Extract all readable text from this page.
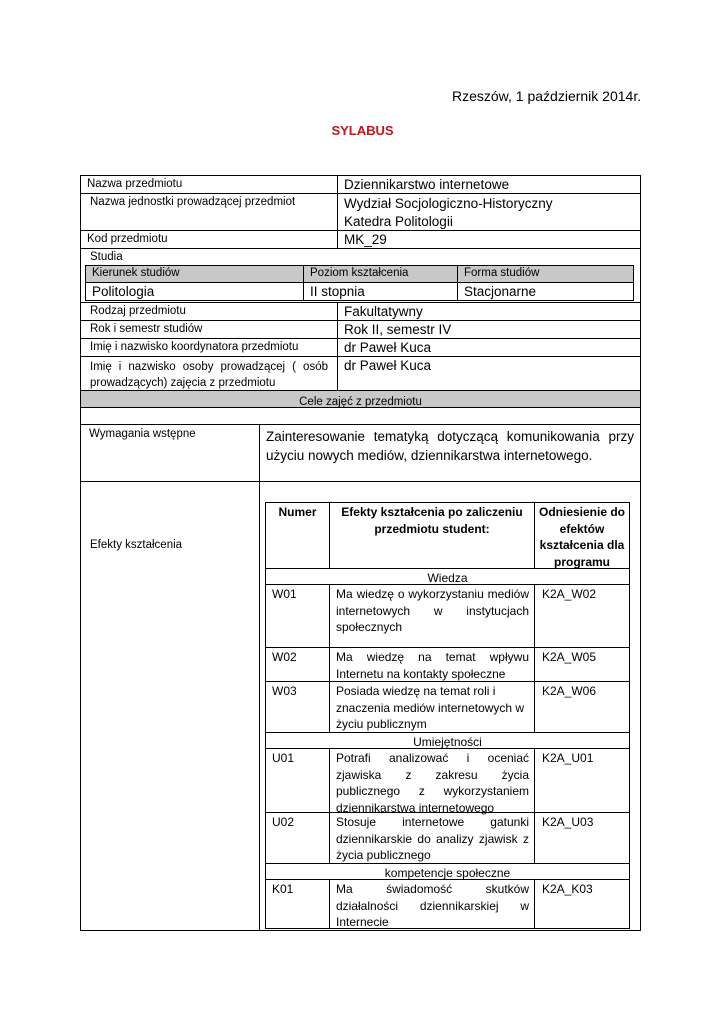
Rzeszów, 1 październik 2014r.
SYLABUS
Nazwa przedmiotu	Dziennikarstwo internetowe
Nazwa jednostki prowadzącej przedmiot	Wydział Socjologiczno-Historyczny
Katedra Politologii
Kod przedmiotu	MK_29
Studia
Kierunek studiów	Poziom kształcenia	Forma studiów
Politologia	II stopnia	Stacjonarne
Rodzaj przedmiotu	Fakultatywny
Rok i semestr studiów	Rok II, semestr IV
Imię i nazwisko koordynatora przedmiotu	dr Paweł Kuca
Imię i nazwisko osoby prowadzącej ( osób prowadzących) zajęcia z przedmiotu
dr Paweł Kuca
Cele zajęć z przedmiotu
Wymagania wstępne	Zainteresowanie tematyką dotyczącą komunikowania przy użyciu nowych mediów, dziennikarstwa internetowego.
Efekty kształcenia
Numer	Efekty kształcenia po zaliczeniu przedmiotu student:
Odniesienie do efektów kształcenia dla programu
Wiedza
W01	Ma wiedzę o wykorzystaniu mediów internetowych w instytucjach społecznych
K2A_W02
W02	Ma wiedzę na temat wpływu Internetu na kontakty społeczne
K2A_W05
W03	Posiada wiedzę na temat roli i znaczenia mediów internetowych w życiu publicznym
K2A_W06
Umiejętności
U01	Potrafi analizować i oceniać zjawiska z zakresu życia publicznego z wykorzystaniem dziennikarstwa internetowego
K2A_U01
U02	Stosuje internetowe gatunki dziennikarskie do analizy zjawisk z życia publicznego
K2A_U03
kompetencje społeczne
K01	Ma świadomość skutków działalności dziennikarskiej w Internecie
K2A_K03
